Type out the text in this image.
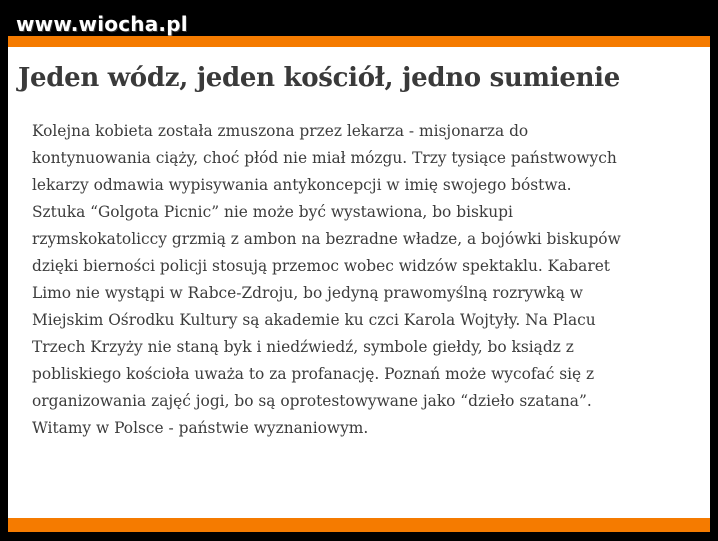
www.wiocha.pl
Jeden wódz, jeden kościół, jedno sumienie
Kolejna kobieta została zmuszona przez lekarza - misjonarza do
kontynuowania ciąży, choć płód nie miał mózgu. Trzy tysiące państwowych
lekarzy odmawia wypisywania antykoncepcji w imię swojego bóstwa.
Sztuka “Golgota Picnic” nie może być wystawiona, bo biskupi
rzymskokatoliccy grzmią z ambon na bezradne władze, a bojówki biskupów
dzięki bierności policji stosują przemoc wobec widzów spektaklu. Kabaret
Limo nie wystąpi w Rabce-Zdroju, bo jedyną prawomyślną rozrywką w
Miejskim Ośrodku Kultury są akademie ku czci Karola Wojtyły. Na Placu
Trzech Krzyży nie staną byk i niedźwiedź, symbole giełdy, bo ksiądz z
pobliskiego kościoła uważa to za profanację. Poznań może wycofać się z
organizowania zajęć jogi, bo są oprotestowywane jako “dzieło szatana”.
Witamy w Polsce - państwie wyznaniowym.
